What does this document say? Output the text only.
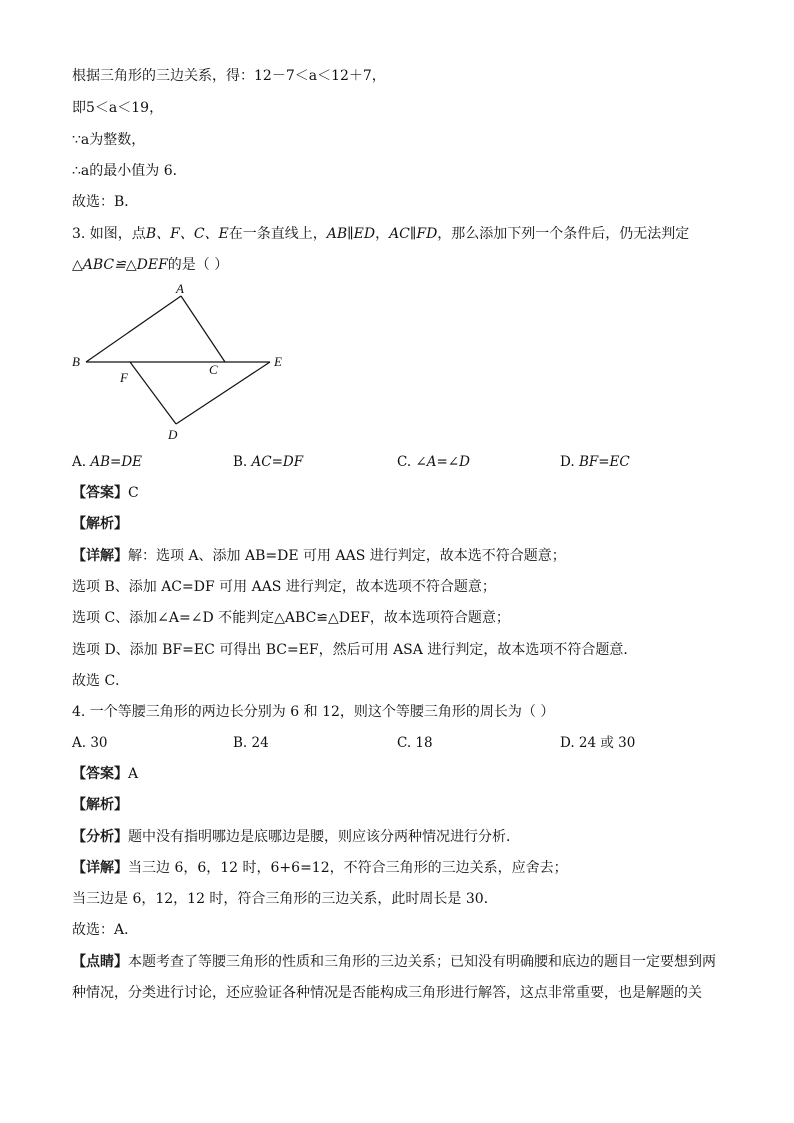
根据三角形的三边关系，得：12－7＜a＜12＋7，
即5＜a＜19，
∵a为整数，
∴a的最小值为 6．
故选：B．
3. 如图，点B、F、C、E在一条直线上，AB∥ED，AC∥FD，那么添加下列一个条件后，仍无法判定
△ABC≌△DEF的是（ ）
A
B
F
C
E
D
A. AB=DE	B. AC=DF	C. ∠A=∠D	D. BF=EC
【答案】C
【解析】
【详解】解：选项 A、添加 AB=DE 可用 AAS 进行判定，故本选不符合题意；
选项 B、添加 AC=DF 可用 AAS 进行判定，故本选项不符合题意；
选项 C、添加∠A=∠D 不能判定△ABC≌△DEF，故本选项符合题意；
选项 D、添加 BF=EC 可得出 BC=EF，然后可用 ASA 进行判定，故本选项不符合题意．
故选 C．
4. 一个等腰三角形的两边长分别为 6 和 12，则这个等腰三角形的周长为（ ）
A. 30	B. 24	C. 18	D. 24 或 30
【答案】A
【解析】
【分析】题中没有指明哪边是底哪边是腰，则应该分两种情况进行分析．
【详解】当三边 6，6，12 时，6+6=12，不符合三角形的三边关系，应舍去；
当三边是 6，12，12 时，符合三角形的三边关系，此时周长是 30．
故选：A．
【点睛】本题考查了等腰三角形的性质和三角形的三边关系；已知没有明确腰和底边的题目一定要想到两
种情况，分类进行讨论，还应验证各种情况是否能构成三角形进行解答，这点非常重要，也是解题的关
